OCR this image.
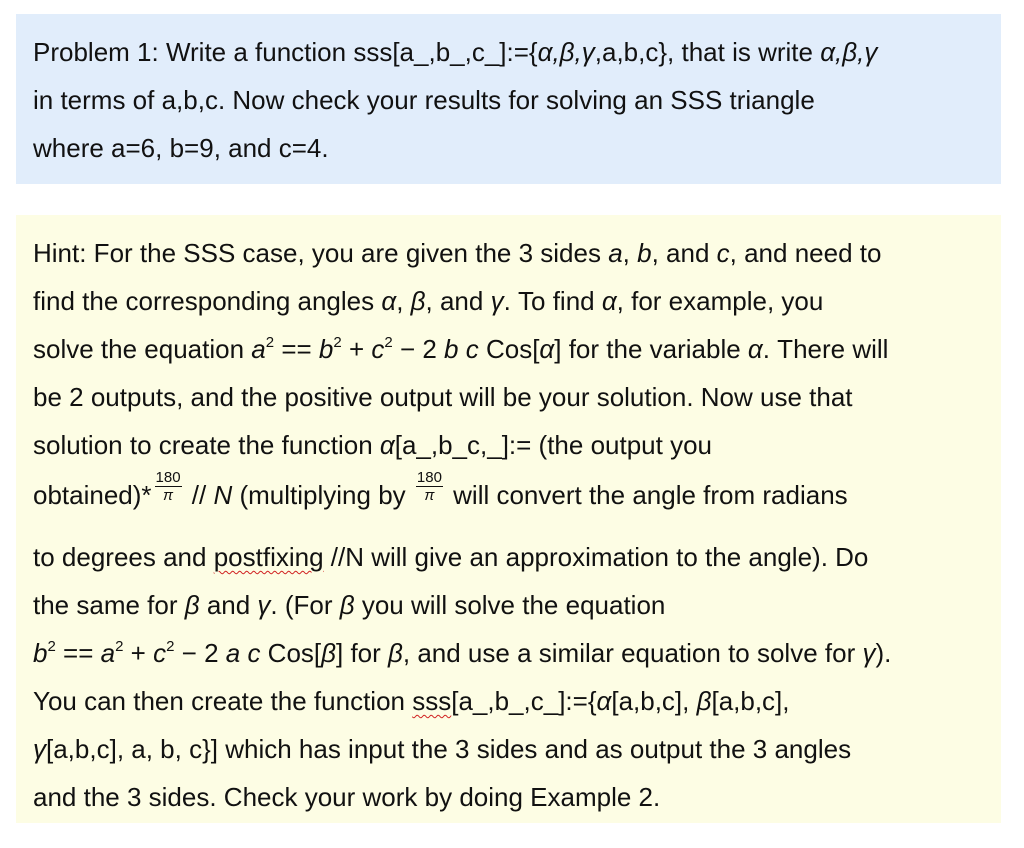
Problem 1: Write a function sss[a_,b_,c_]:={α,β,γ,a,b,c}, that is write α,β,γ
in terms of a,b,c. Now check your results for solving an SSS triangle
where a=6, b=9, and c=4.
Hint: For the SSS case, you are given the 3 sides a, b, and c, and need to
find the corresponding angles α, β, and γ. To find α, for example, you
solve the equation $a^2 == b^2 + c^2 - 2$ b c Cos[α] for the variable α. There will
be 2 outputs, and the positive output will be your solution. Now use that
solution to create the function α[a_,b_c,_]:= (the output you
obtained)* $\frac{180}{\pi}$ // N (multiplying by $\frac{180}{\pi}$ will convert the angle from radians
to degrees and postfixing //N will give an approximation to the angle). Do
the same for β and γ. (For β you will solve the equation
$b^2 == a^2 + c^2 - 2$ a c Cos[β] for β, and use a similar equation to solve for γ).
You can then create the function sss[a_,b_,c_]:={α[a,b,c], β[a,b,c],
γ[a,b,c], a, b, c}] which has input the 3 sides and as output the 3 angles
and the 3 sides. Check your work by doing Example 2.
